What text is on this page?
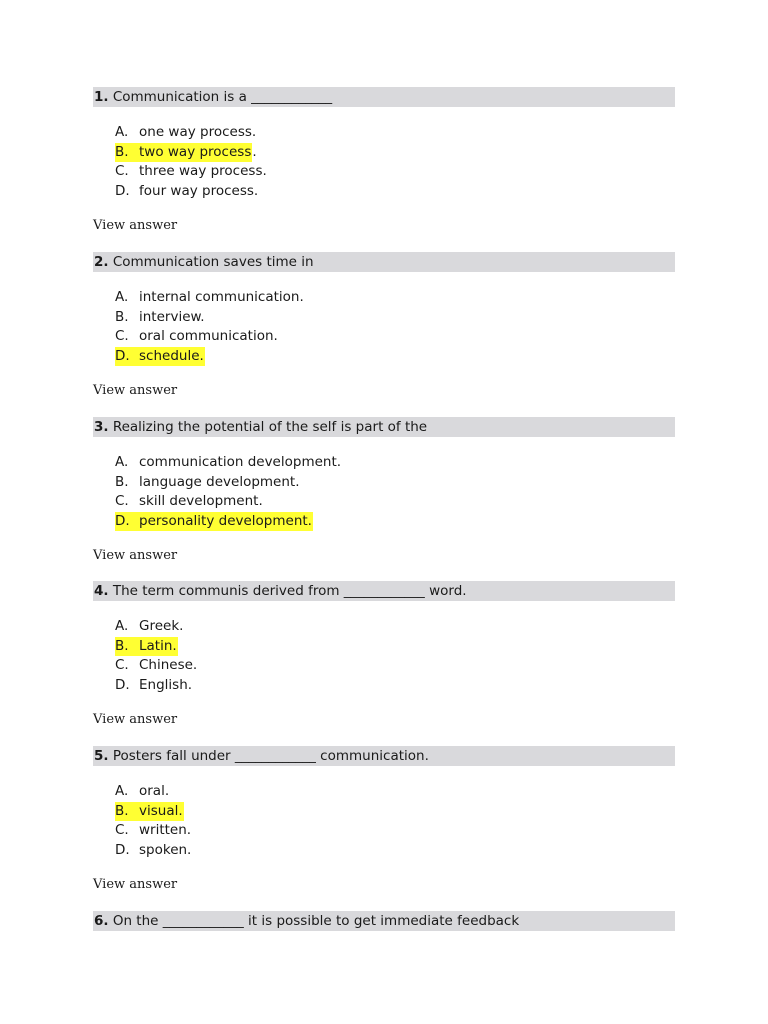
1. Communication is a ____________
A. one way process.
B. two way process.
C. three way process.
D. four way process.
View answer
2. Communication saves time in
A. internal communication.
B. interview.
C. oral communication.
D. schedule.
View answer
3. Realizing the potential of the self is part of the
A. communication development.
B. language development.
C. skill development.
D. personality development.
View answer
4. The term communis derived from ____________ word.
A. Greek.
B. Latin.
C. Chinese.
D. English.
View answer
5. Posters fall under ____________ communication.
A. oral.
B. visual.
C. written.
D. spoken.
View answer
6. On the ____________ it is possible to get immediate feedback
